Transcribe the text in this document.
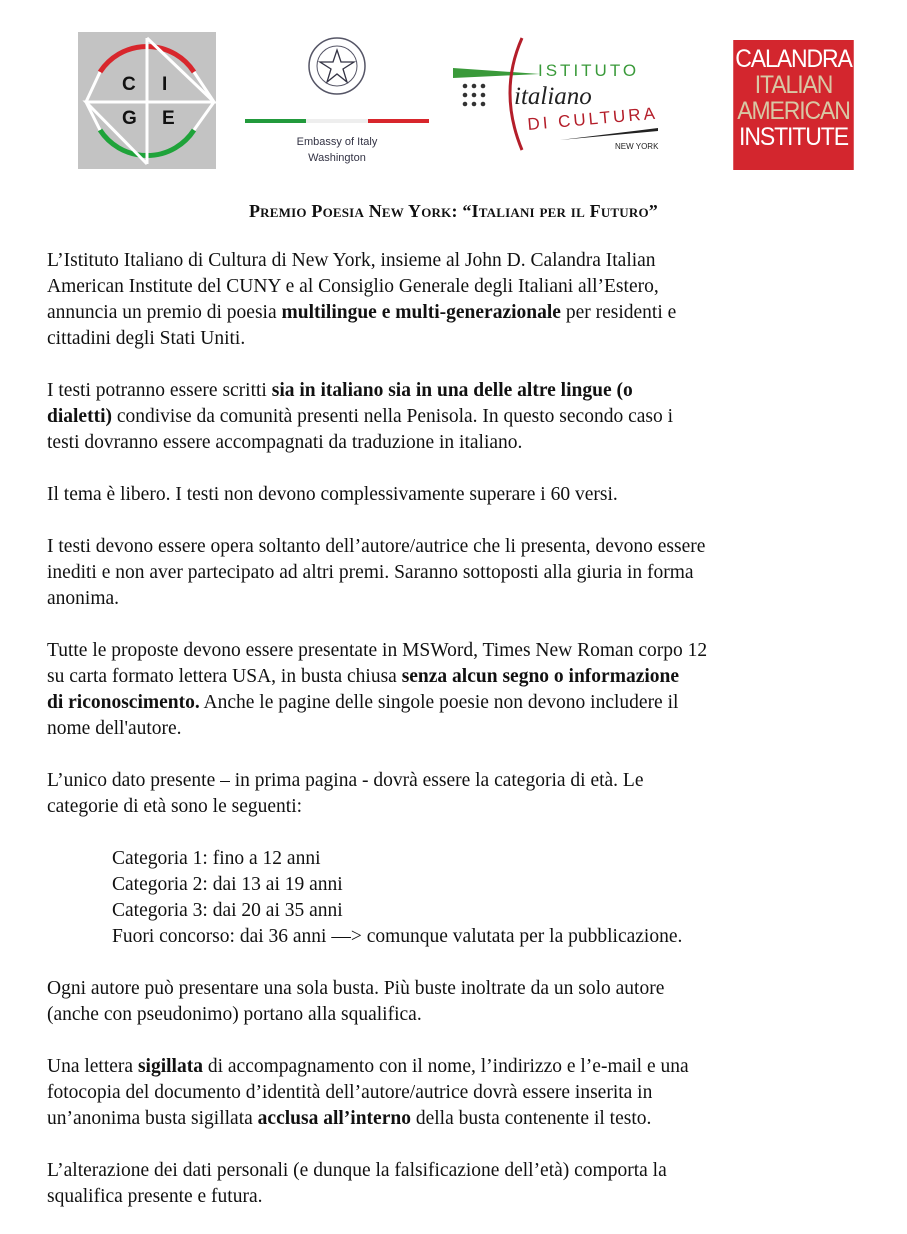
C I
G E
Embassy of Italy
Washington
ISTITUTO
italiano
DI CULTURA
NEW YORK
CALANDRA
ITALIAN
AMERICAN
INSTITUTE
Premio Poesia New York: “Italiani per il Futuro”
L’Istituto Italiano di Cultura di New York, insieme al John D. Calandra Italian
American Institute del CUNY e al Consiglio Generale degli Italiani all’Estero,
annuncia un premio di poesia multilingue e multi-generazionale per residenti e
cittadini degli Stati Uniti.
I testi potranno essere scritti sia in italiano sia in una delle altre lingue (o
dialetti) condivise da comunità presenti nella Penisola. In questo secondo caso i
testi dovranno essere accompagnati da traduzione in italiano.
Il tema è libero. I testi non devono complessivamente superare i 60 versi.
I testi devono essere opera soltanto dell’autore/autrice che li presenta, devono essere
inediti e non aver partecipato ad altri premi. Saranno sottoposti alla giuria in forma
anonima.
Tutte le proposte devono essere presentate in MSWord, Times New Roman corpo 12
su carta formato lettera USA, in busta chiusa senza alcun segno o informazione
di riconoscimento. Anche le pagine delle singole poesie non devono includere il
nome dell'autore.
L’unico dato presente – in prima pagina - dovrà essere la categoria di età. Le
categorie di età sono le seguenti:
Categoria 1: fino a 12 anni
Categoria 2: dai 13 ai 19 anni
Categoria 3: dai 20 ai 35 anni
Fuori concorso: dai 36 anni —> comunque valutata per la pubblicazione.
Ogni autore può presentare una sola busta. Più buste inoltrate da un solo autore
(anche con pseudonimo) portano alla squalifica.
Una lettera sigillata di accompagnamento con il nome, l’indirizzo e l’e-mail e una
fotocopia del documento d’identità dell’autore/autrice dovrà essere inserita in
un’anonima busta sigillata acclusa all’interno della busta contenente il testo.
L’alterazione dei dati personali (e dunque la falsificazione dell’età) comporta la
squalifica presente e futura.
